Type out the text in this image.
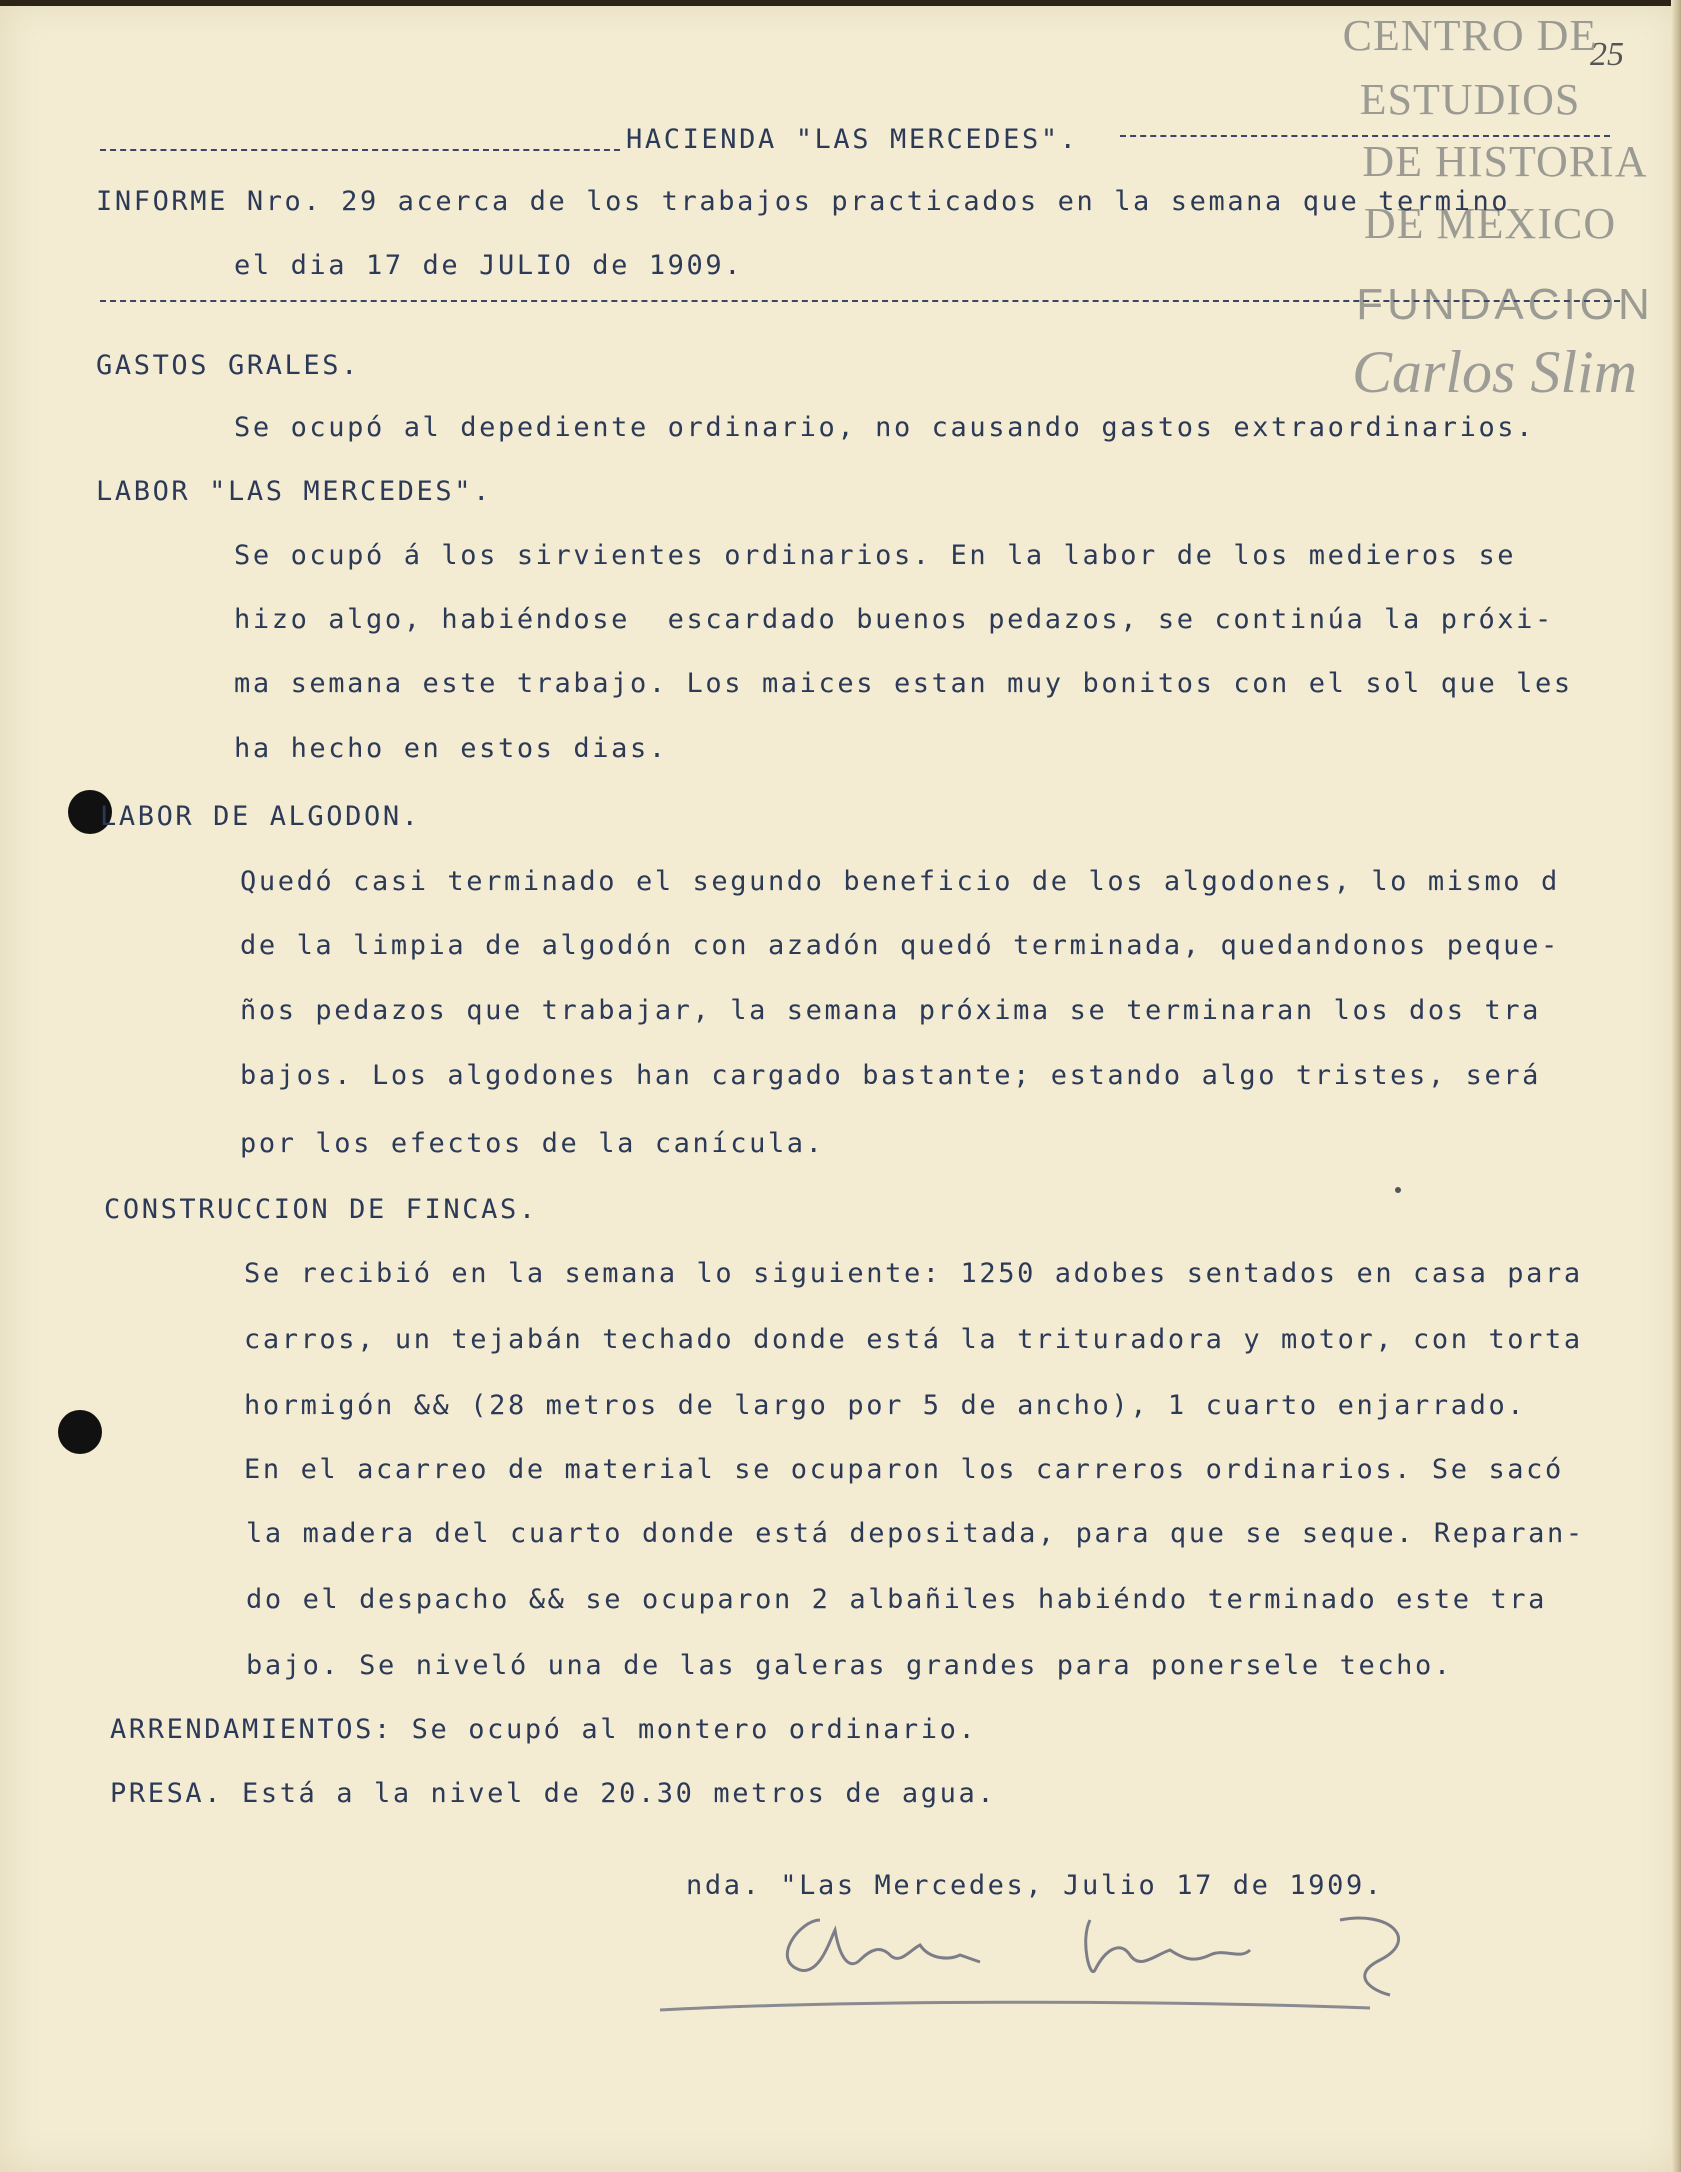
CENTRO DE
ESTUDIOS
DE HISTORIA
DE MEXICO
FUNDACION
Carlos Slim
25
HACIENDA "LAS MERCEDES".
INFORME Nro. 29 acerca de los trabajos practicados en la semana que termino
el dia 17 de JULIO de 1909.
GASTOS GRALES.
Se ocupó al depediente ordinario, no causando gastos extraordinarios.
LABOR "LAS MERCEDES".
Se ocupó á los sirvientes ordinarios. En la labor de los medieros se
hizo algo, habiéndose  escardado buenos pedazos, se continúa la próxi-
ma semana este trabajo. Los maices estan muy bonitos con el sol que les
ha hecho en estos dias.
LABOR DE ALGODON.
Quedó casi terminado el segundo beneficio de los algodones, lo mismo d
de la limpia de algodón con azadón quedó terminada, quedandonos peque-
ños pedazos que trabajar, la semana próxima se terminaran los dos tra
bajos. Los algodones han cargado bastante; estando algo tristes, será
por los efectos de la canícula.
CONSTRUCCION DE FINCAS.
Se recibió en la semana lo siguiente: 1250 adobes sentados en casa para
carros, un tejabán techado donde está la trituradora y motor, con torta
hormigón && (28 metros de largo por 5 de ancho), 1 cuarto enjarrado.
En el acarreo de material se ocuparon los carreros ordinarios. Se sacó
la madera del cuarto donde está depositada, para que se seque. Reparan-
do el despacho && se ocuparon 2 albañiles habiéndo terminado este tra
bajo. Se niveló una de las galeras grandes para ponersele techo.
ARRENDAMIENTOS: Se ocupó al montero ordinario.
PRESA. Está a la nivel de 20.30 metros de agua.
nda. "Las Mercedes, Julio 17 de 1909.
